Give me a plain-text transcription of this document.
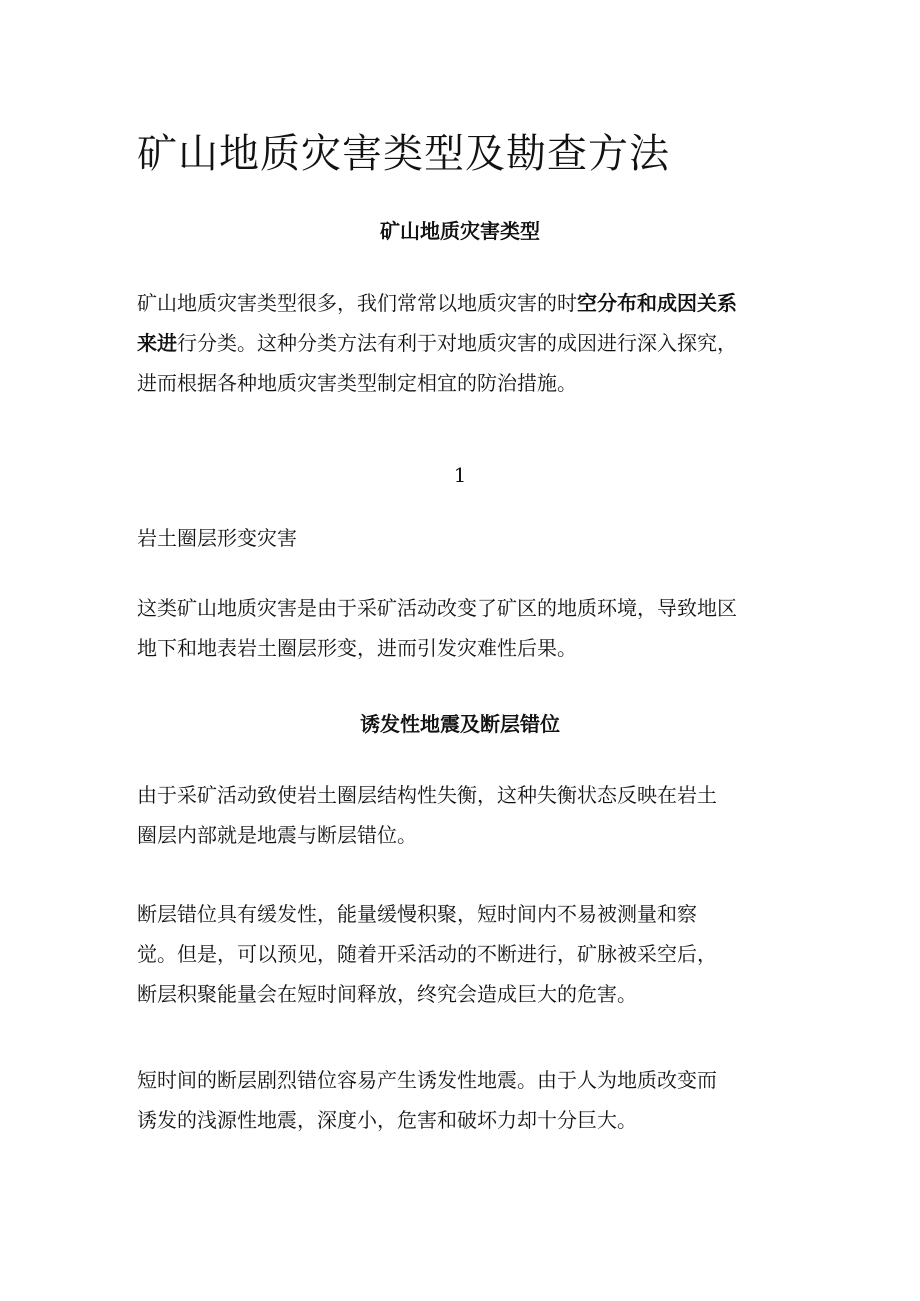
矿山地质灾害类型及勘查方法
矿山地质灾害类型

矿山地质灾害类型很多，我们常常以地质灾害的时空分布和成因关系
来进行分类。这种分类方法有利于对地质灾害的成因进行深入探究，
进而根据各种地质灾害类型制定相宜的防治措施。

1

岩土圈层形变灾害

这类矿山地质灾害是由于采矿活动改变了矿区的地质环境，导致地区
地下和地表岩土圈层形变，进而引发灾难性后果。

诱发性地震及断层错位

由于采矿活动致使岩土圈层结构性失衡，这种失衡状态反映在岩土
圈层内部就是地震与断层错位。

断层错位具有缓发性，能量缓慢积聚，短时间内不易被测量和察
觉。但是，可以预见，随着开采活动的不断进行，矿脉被采空后，
断层积聚能量会在短时间释放，终究会造成巨大的危害。

短时间的断层剧烈错位容易产生诱发性地震。由于人为地质改变而
诱发的浅源性地震，深度小，危害和破坏力却十分巨大。
